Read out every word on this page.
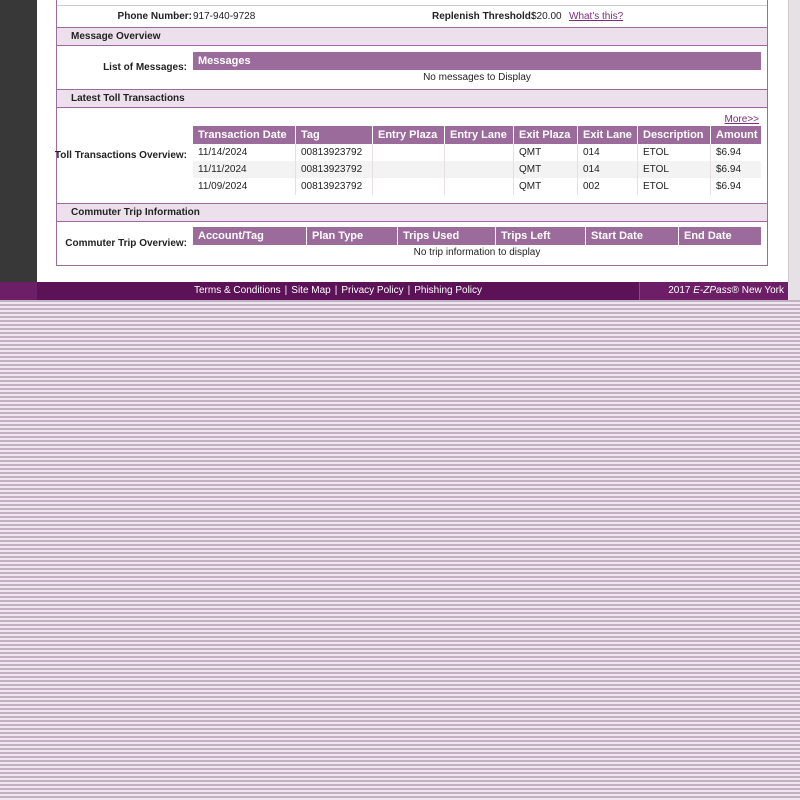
Phone Number: 917-940-9728	Replenish Threshold:
$20.00 What's this?
Message Overview
List of Messages:
Messages
No messages to Display
Latest Toll Transactions
More>>
Toll Transactions Overview:
Transaction Date	Tag	Entry Plaza	Entry Lane	Exit Plaza	Exit Lane	Description	Amount
11/14/2024	00813923792			QMT	014	ETOL	$6.94
11/11/2024	00813923792			QMT	014	ETOL	$6.94
11/09/2024	00813923792			QMT	002	ETOL	$6.94
Commuter Trip Information
Commuter Trip Overview:
Account/Tag	Plan Type	Trips Used	Trips Left	Start Date	End Date
No trip information to display
Terms & Conditions | Site Map | Privacy Policy | Phishing Policy	2017 E-ZPass® New York
